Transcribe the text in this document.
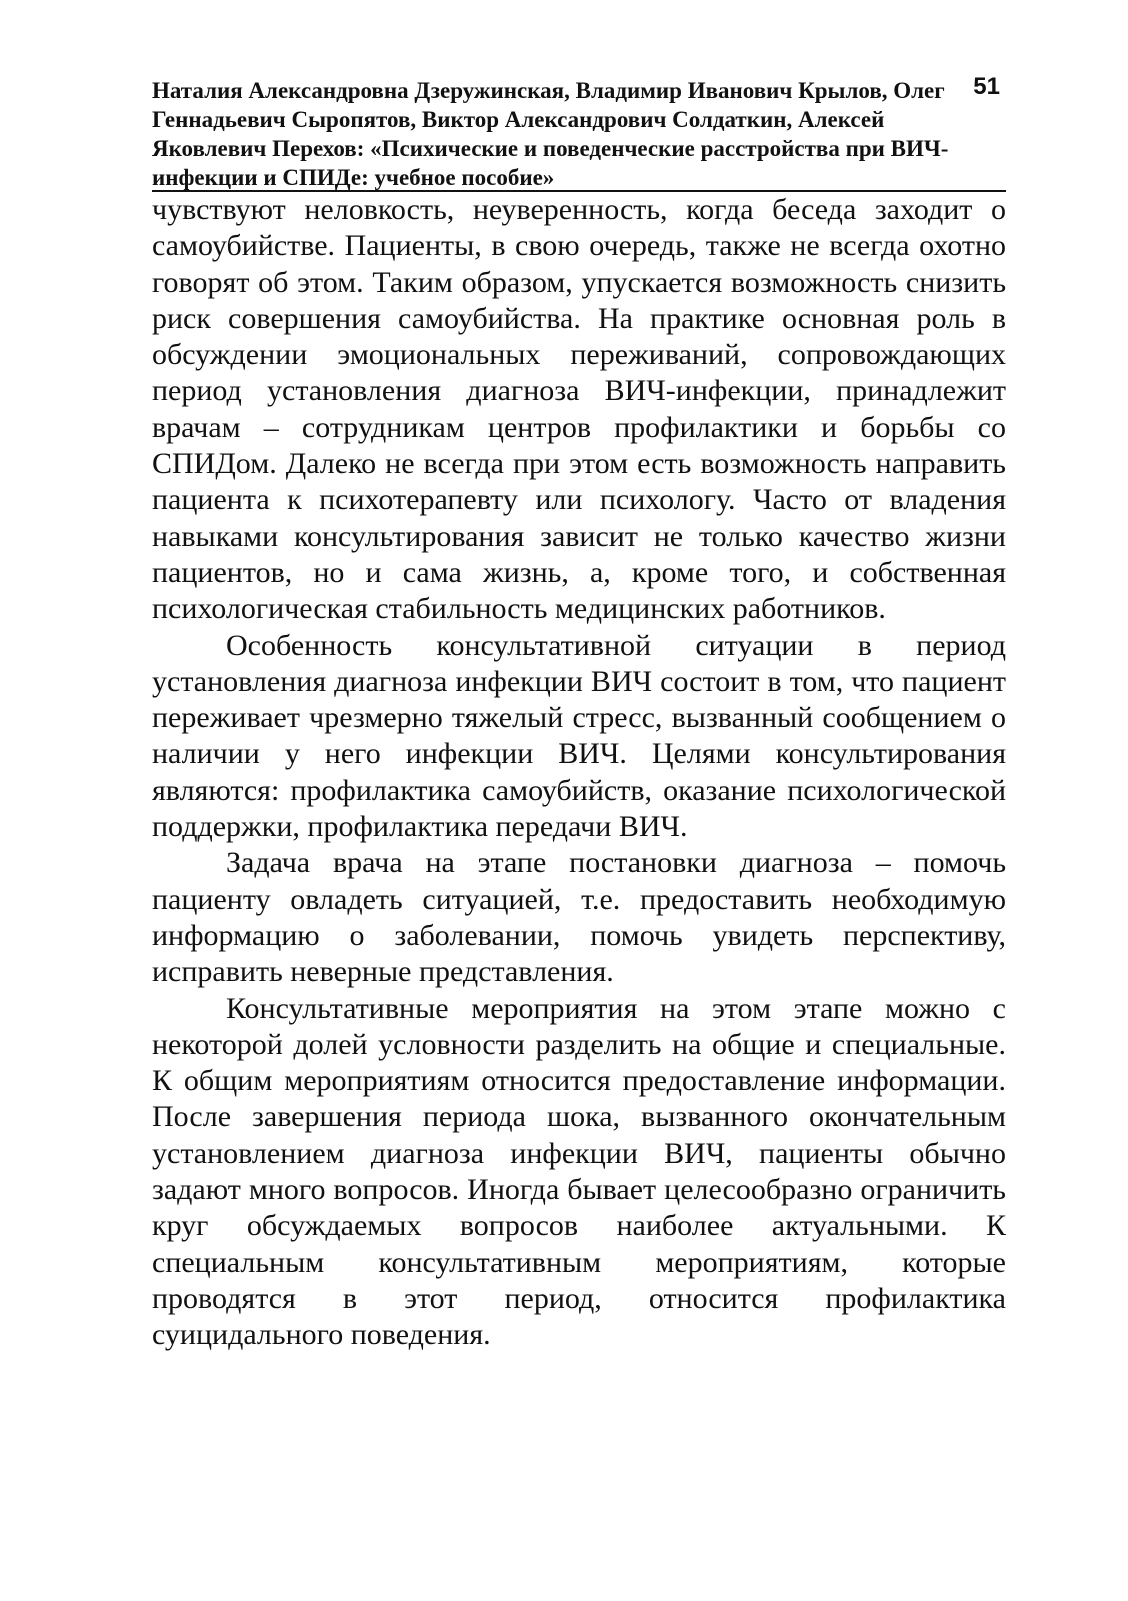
Наталия Александровна Дзеружинская, Владимир Иванович Крылов, Олег Геннадьевич Сыропятов, Виктор Александрович Солдаткин, Алексей Яковлевич Перехов: «Психические и поведенческие расстройства при ВИЧ-инфекции и СПИДе: учебное пособие»

51

чувствуют неловкость, неуверенность, когда беседа заходит о самоубийстве. Пациенты, в свою очередь, также не всегда охотно говорят об этом. Таким образом, упускается возможность снизить риск совершения самоубийства. На практике основная роль в обсуждении эмоциональных переживаний, сопровождающих период установления диагноза ВИЧ-инфекции, принадлежит врачам – сотрудникам центров профилактики и борьбы со СПИДом. Далеко не всегда при этом есть возможность направить пациента к психотерапевту или психологу. Часто от владения навыками консультирования зависит не только качество жизни пациентов, но и сама жизнь, а, кроме того, и собственная психологическая стабильность медицинских работников.

Особенность консультативной ситуации в период установления диагноза инфекции ВИЧ состоит в том, что пациент переживает чрезмерно тяжелый стресс, вызванный сообщением о наличии у него инфекции ВИЧ. Целями консультирования являются: профилактика самоубийств, оказание психологической поддержки, профилактика передачи ВИЧ.

Задача врача на этапе постановки диагноза – помочь пациенту овладеть ситуацией, т.е. предоставить необходимую информацию о заболевании, помочь увидеть перспективу, исправить неверные представления.

Консультативные мероприятия на этом этапе можно с некоторой долей условности разделить на общие и специальные. К общим мероприятиям относится предоставление информации. После завершения периода шока, вызванного окончательным установлением диагноза инфекции ВИЧ, пациенты обычно задают много вопросов. Иногда бывает целесообразно ограничить круг обсуждаемых вопросов наиболее актуальными. К специальным консультативным мероприятиям, которые проводятся в этот период, относится профилактика суицидального поведения.
